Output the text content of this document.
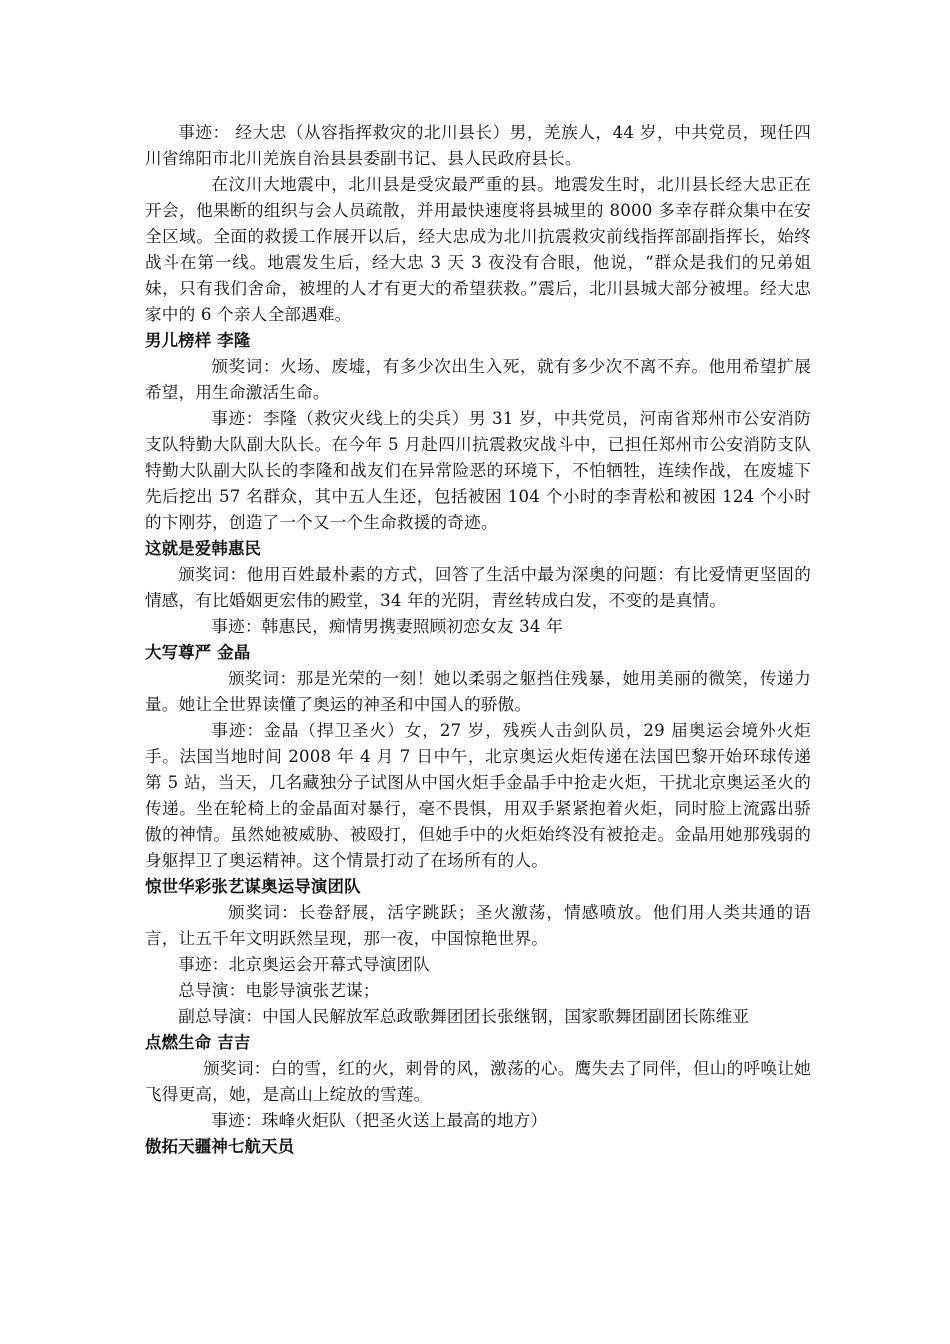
事迹： 经大忠（从容指挥救灾的北川县长）男，羌族人，44 岁，中共党员，现任四川省绵阳市北川羌族自治县县委副书记、县人民政府县长。

在汶川大地震中，北川县是受灾最严重的县。地震发生时，北川县长经大忠正在开会，他果断的组织与会人员疏散，并用最快速度将县城里的 8000 多幸存群众集中在安全区域。全面的救援工作展开以后，经大忠成为北川抗震救灾前线指挥部副指挥长，始终战斗在第一线。地震发生后，经大忠 3 天 3 夜没有合眼，他说，“群众是我们的兄弟姐妹，只有我们舍命，被埋的人才有更大的希望获救。”震后，北川县城大部分被埋。经大忠家中的 6 个亲人全部遇难。

男儿榜样 李隆

颁奖词：火场、废墟，有多少次出生入死，就有多少次不离不弃。他用希望扩展希望，用生命激活生命。

事迹：李隆（救灾火线上的尖兵）男 31 岁，中共党员，河南省郑州市公安消防支队特勤大队副大队长。在今年 5 月赴四川抗震救灾战斗中，已担任郑州市公安消防支队特勤大队副大队长的李隆和战友们在异常险恶的环境下，不怕牺牲，连续作战，在废墟下先后挖出 57 名群众，其中五人生还，包括被困 104 个小时的李青松和被困 124 个小时的卞刚芬，创造了一个又一个生命救援的奇迹。

这就是爱韩惠民

颁奖词：他用百姓最朴素的方式，回答了生活中最为深奥的问题：有比爱情更坚固的情感，有比婚姻更宏伟的殿堂，34 年的光阴，青丝转成白发，不变的是真情。

事迹：韩惠民，痴情男携妻照顾初恋女友 34 年

大写尊严 金晶

颁奖词：那是光荣的一刻！她以柔弱之躯挡住残暴，她用美丽的微笑，传递力量。她让全世界读懂了奥运的神圣和中国人的骄傲。

事迹：金晶（捍卫圣火）女，27 岁，残疾人击剑队员，29 届奥运会境外火炬手。法国当地时间 2008 年 4 月 7 日中午，北京奥运火炬传递在法国巴黎开始环球传递第 5 站，当天，几名藏独分子试图从中国火炬手金晶手中抢走火炬，干扰北京奥运圣火的传递。坐在轮椅上的金晶面对暴行，毫不畏惧，用双手紧紧抱着火炬，同时脸上流露出骄傲的神情。虽然她被威胁、被殴打，但她手中的火炬始终没有被抢走。金晶用她那残弱的身躯捍卫了奥运精神。这个情景打动了在场所有的人。

惊世华彩张艺谋奥运导演团队

颁奖词：长卷舒展，活字跳跃；圣火激荡，情感喷放。他们用人类共通的语言，让五千年文明跃然呈现，那一夜，中国惊艳世界。

事迹：北京奥运会开幕式导演团队

总导演：电影导演张艺谋；

副总导演：中国人民解放军总政歌舞团团长张继钢，国家歌舞团副团长陈维亚

点燃生命 吉吉

颁奖词：白的雪，红的火，刺骨的风，激荡的心。鹰失去了同伴，但山的呼唤让她飞得更高，她，是高山上绽放的雪莲。

事迹：珠峰火炬队（把圣火送上最高的地方）

傲拓天疆神七航天员
